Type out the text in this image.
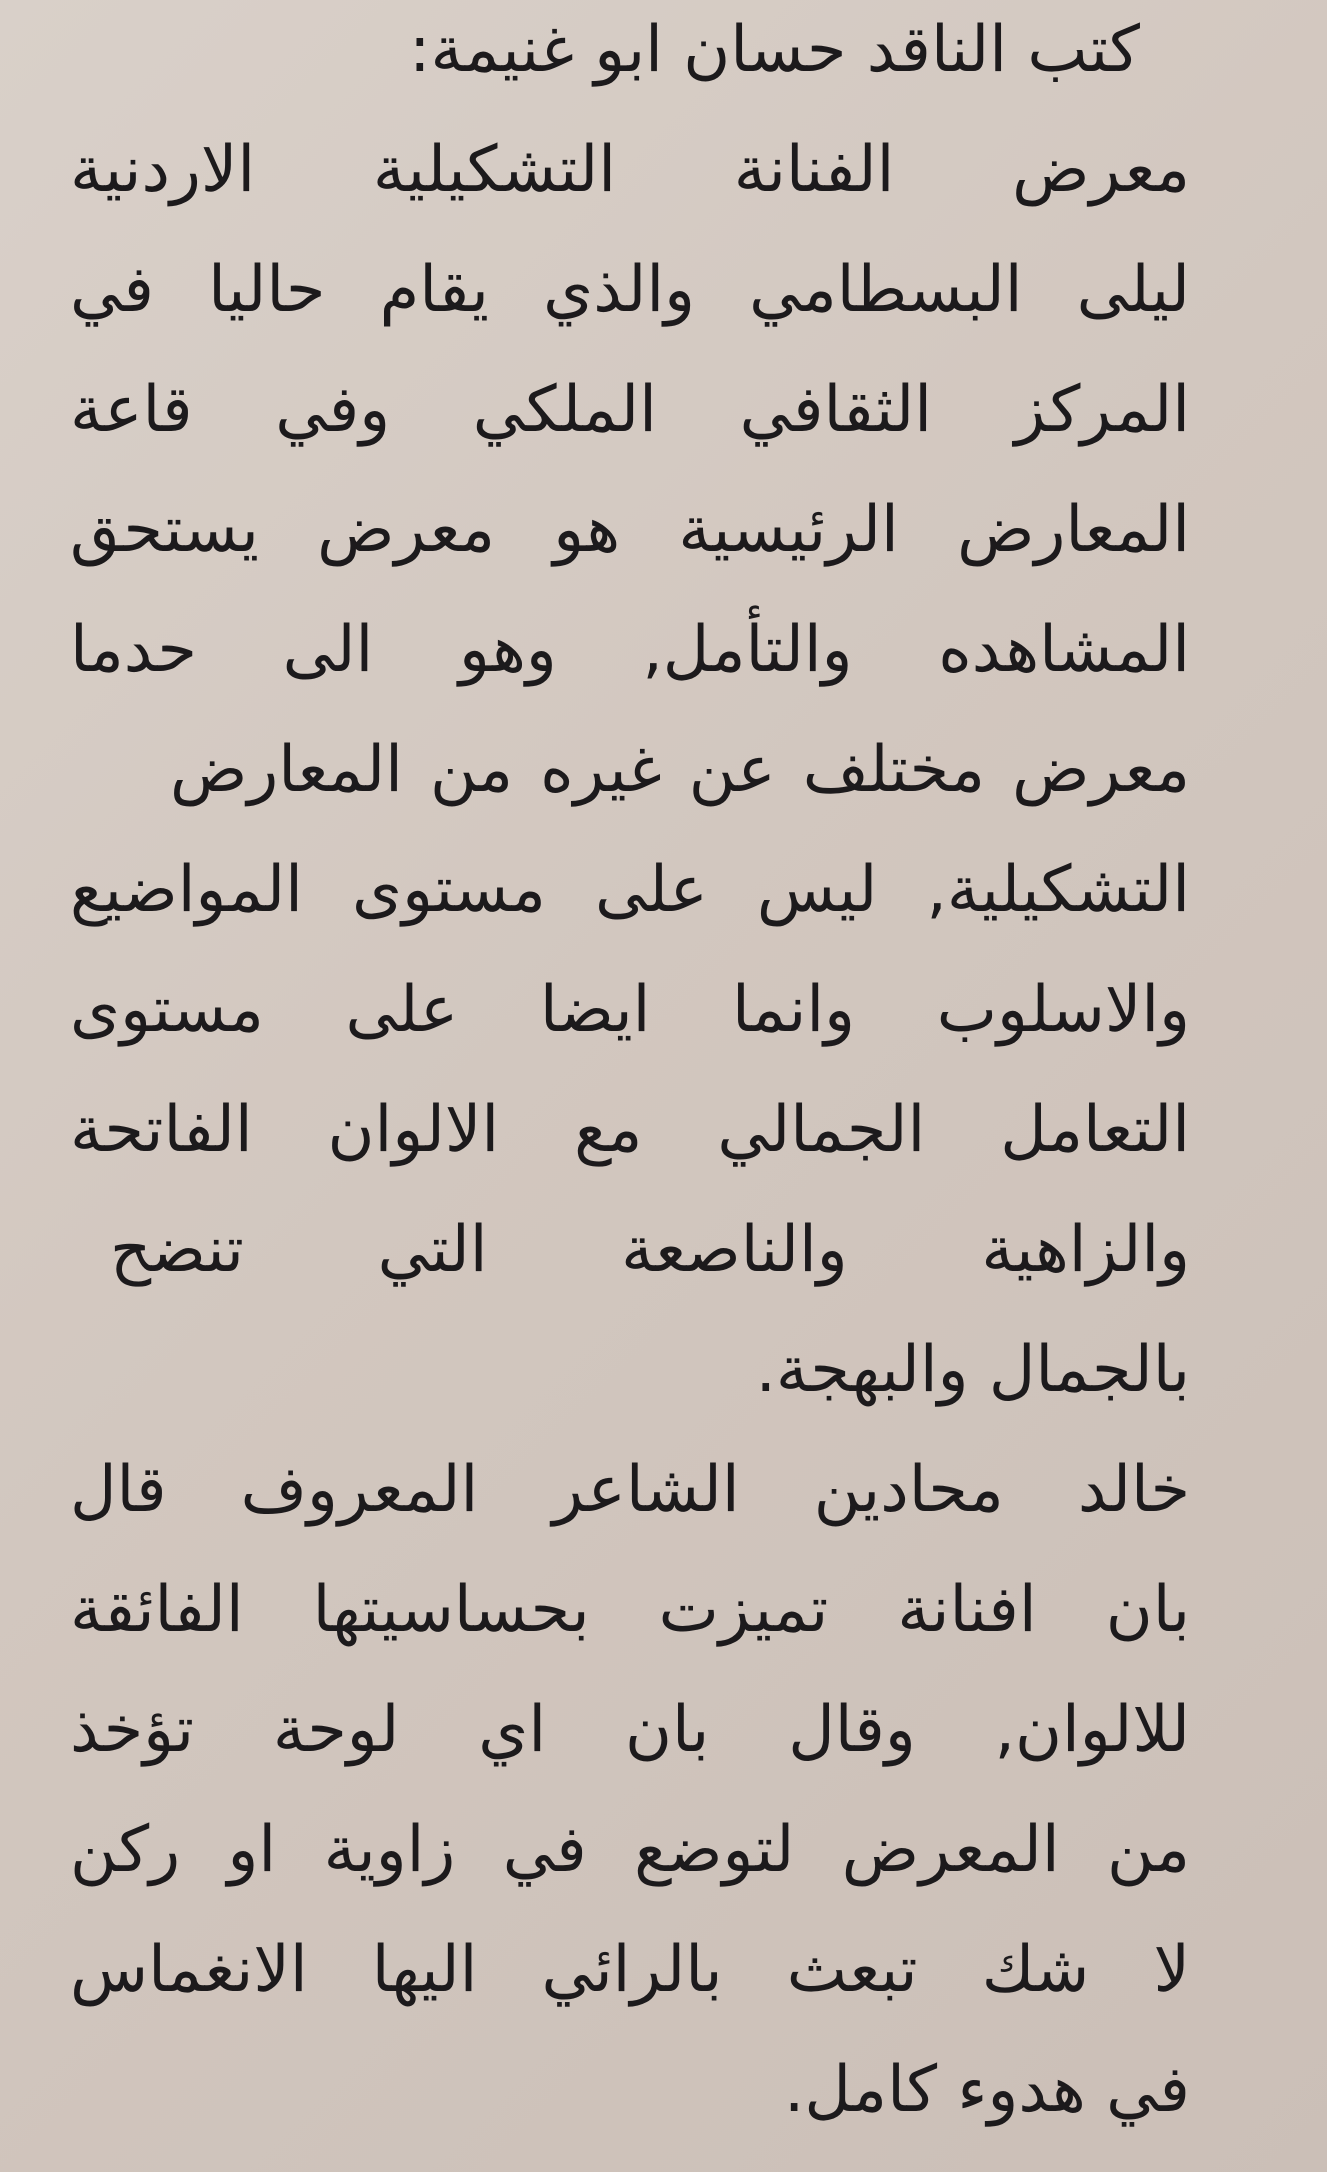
كتب الناقد حسان ابو غنيمة:
معرض الفنانة التشكيلية الاردنية
ليلى البسطامي والذي يقام حاليا في
المركز الثقافي الملكي وفي قاعة
المعارض الرئيسية هو معرض يستحق
المشاهده والتأمل, وهو الى حدما
معرض مختلف عن غيره من المعارض
التشكيلية, ليس على مستوى المواضيع
والاسلوب وانما ايضا على مستوى
التعامل الجمالي مع الالوان الفاتحة
والزاهية والناصعة التي تنضح
بالجمال والبهجة.
خالد محادين الشاعر المعروف قال
بان افنانة تميزت بحساسيتها الفائقة
للالوان, وقال بان اي لوحة تؤخذ
من المعرض لتوضع في زاوية او ركن
لا شك تبعث بالرائي اليها الانغماس
في هدوء كامل.
